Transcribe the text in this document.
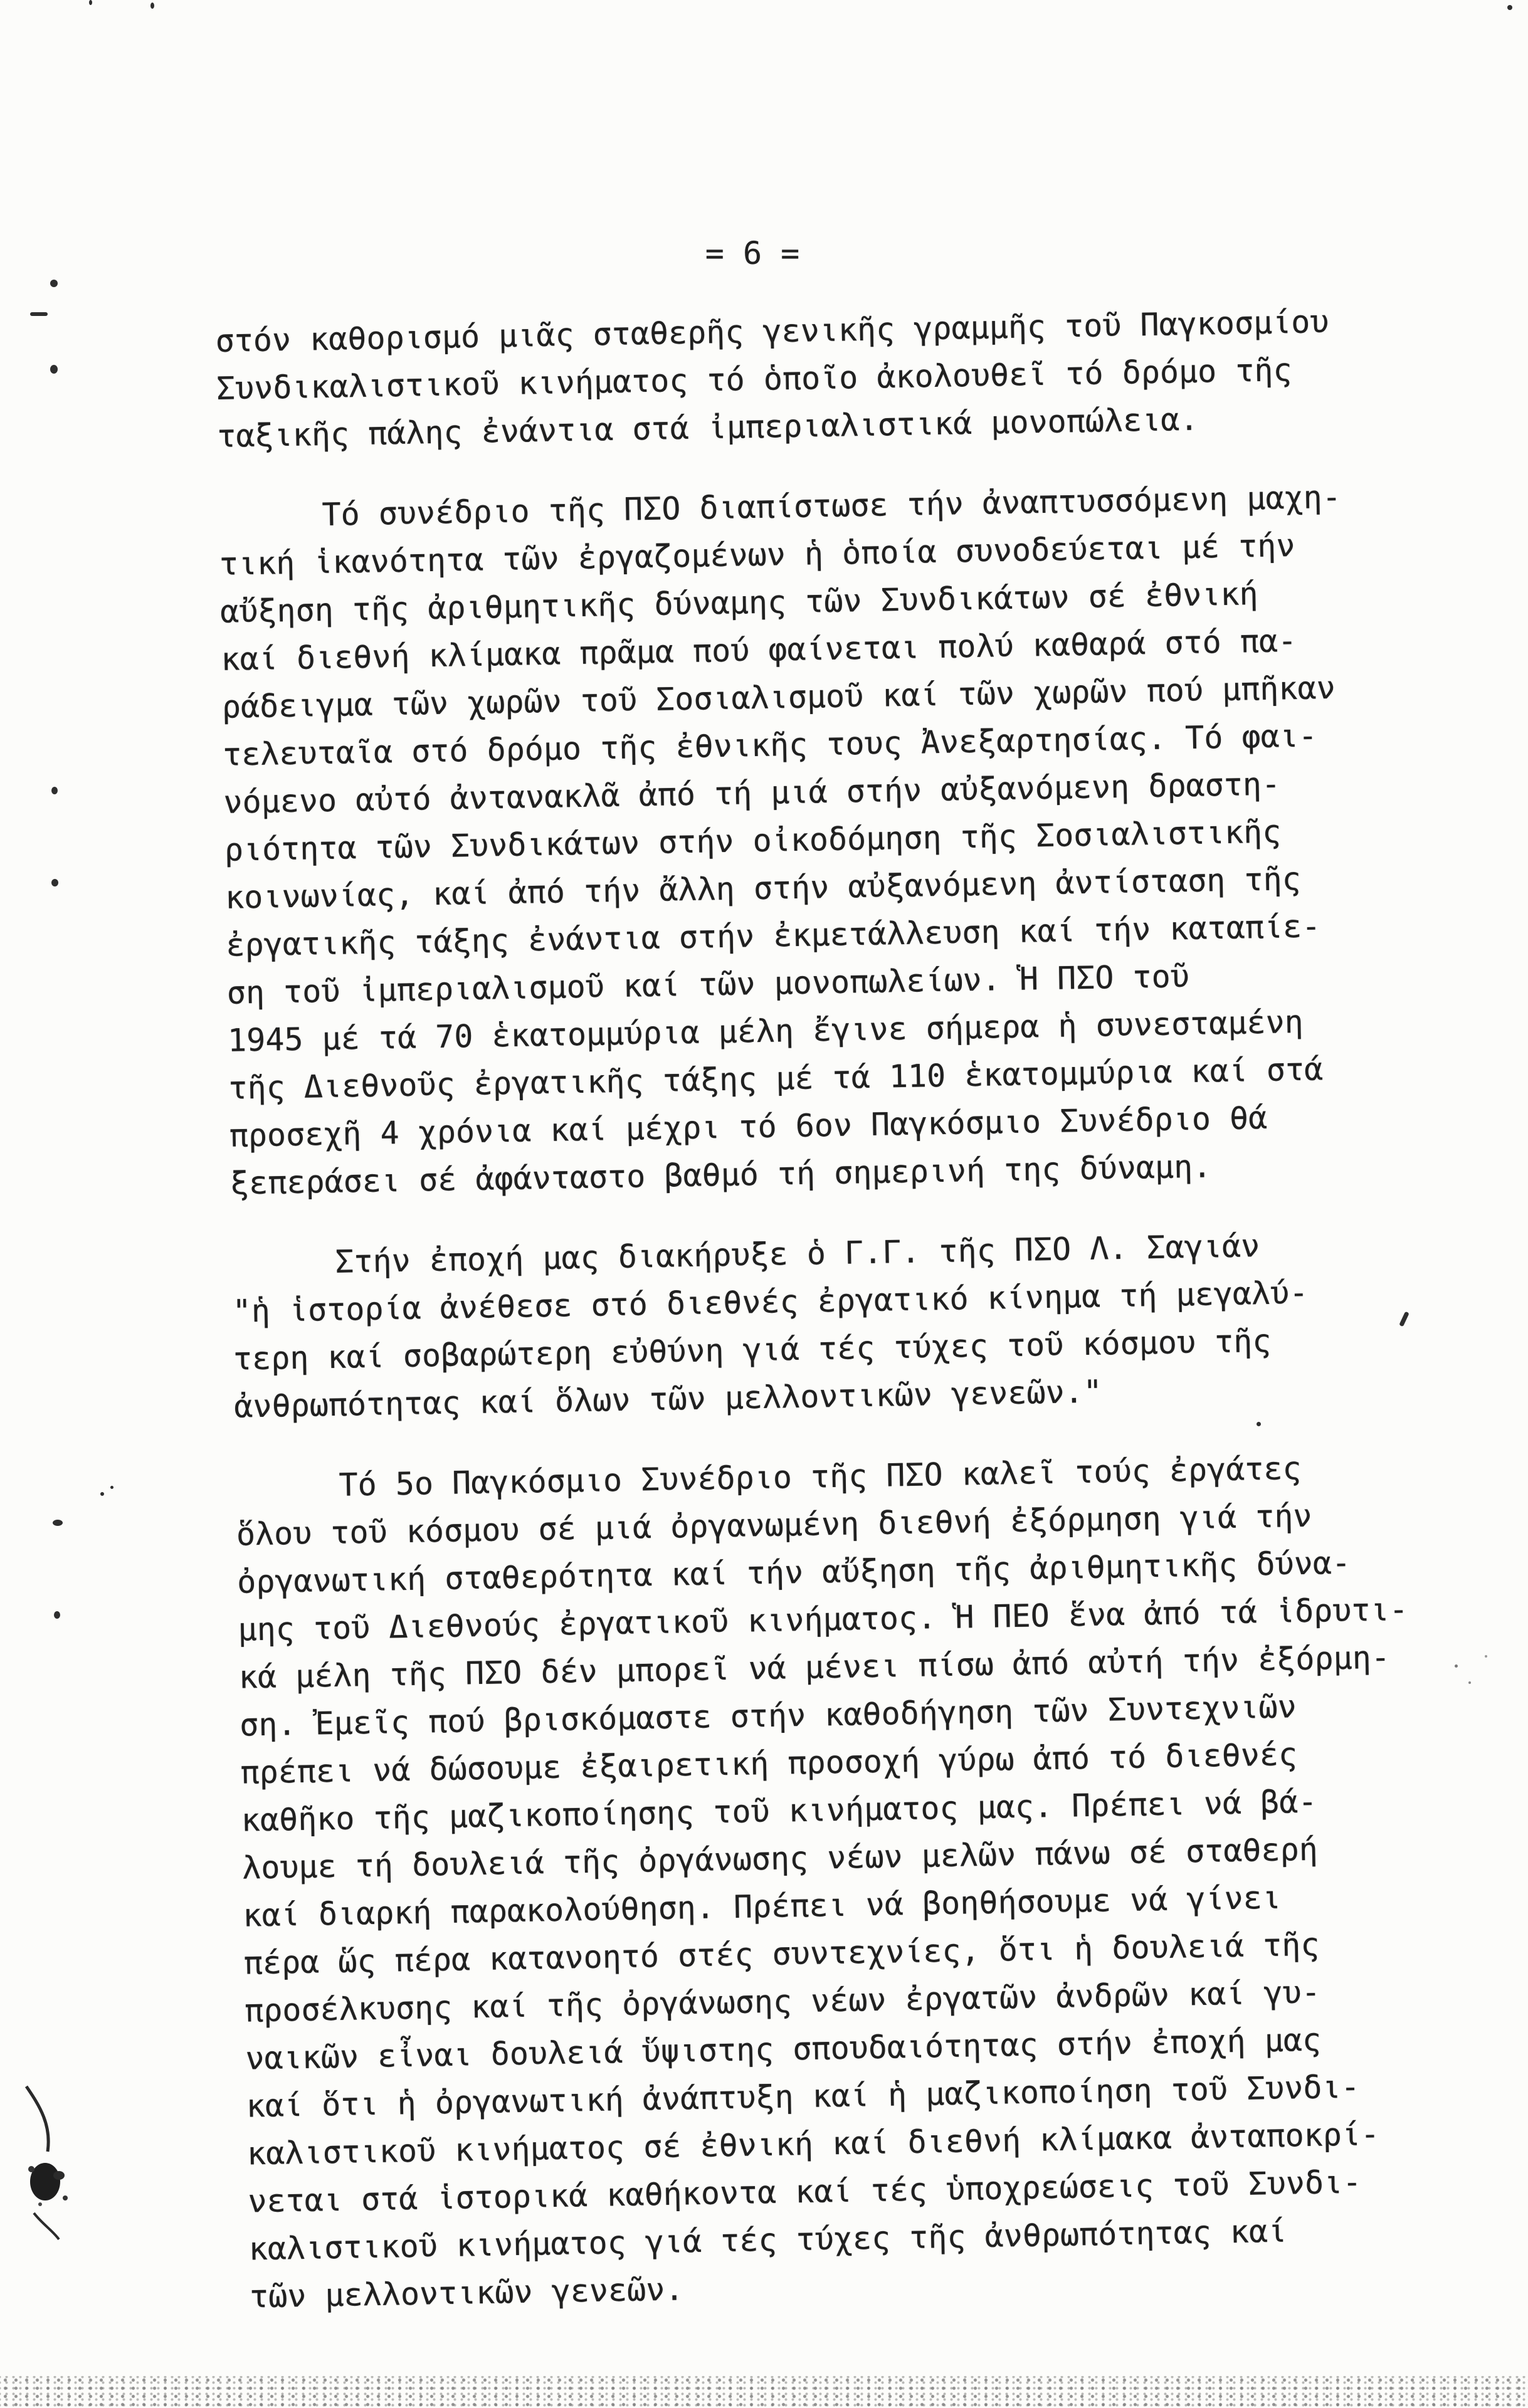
= 6 =
στόν καθορισμό μιᾶς σταθερῆς γενικῆς γραμμῆς τοῦ Παγκοσμίου
Συνδικαλιστικοῦ κινήματος τό ὁποῖο ἀκολουθεῖ τό δρόμο τῆς
ταξικῆς πάλης ἐνάντια στά ἰμπεριαλιστικά μονοπώλεια.
Τό συνέδριο τῆς ΠΣΟ διαπίστωσε τήν ἀναπτυσσόμενη μαχη-
τική ἱκανότητα τῶν ἐργαζομένων ἡ ὁποία συνοδεύεται μέ τήν
αὔξηση τῆς ἀριθμητικῆς δύναμης τῶν Συνδικάτων σέ ἐθνική
καί διεθνή κλίμακα πρᾶμα πού φαίνεται πολύ καθαρά στό πα-
ράδειγμα τῶν χωρῶν τοῦ Σοσιαλισμοῦ καί τῶν χωρῶν πού μπῆκαν
τελευταῖα στό δρόμο τῆς ἐθνικῆς τους Ἀνεξαρτησίας. Τό φαι-
νόμενο αὐτό ἀντανακλᾶ ἀπό τή μιά στήν αὐξανόμενη δραστη-
ριότητα τῶν Συνδικάτων στήν οἰκοδόμηση τῆς Σοσιαλιστικῆς
κοινωνίας, καί ἀπό τήν ἄλλη στήν αὐξανόμενη ἀντίσταση τῆς
ἐργατικῆς τάξης ἐνάντια στήν ἐκμετάλλευση καί τήν καταπίε-
ση τοῦ ἰμπεριαλισμοῦ καί τῶν μονοπωλείων. Ἡ ΠΣΟ τοῦ
1945 μέ τά 70 ἑκατομμύρια μέλη ἔγινε σήμερα ἡ συνεσταμένη
τῆς Διεθνοῦς ἐργατικῆς τάξης μέ τά 110 ἑκατομμύρια καί στά
προσεχῆ 4 χρόνια καί μέχρι τό 6ον Παγκόσμιο Συνέδριο θά
ξεπεράσει σέ ἀφάνταστο βαθμό τή σημερινή της δύναμη.
Στήν ἐποχή μας διακήρυξε ὁ Γ.Γ. τῆς ΠΣΟ Λ. Σαγιάν
"ἡ ἱστορία ἀνέθεσε στό διεθνές ἐργατικό κίνημα τή μεγαλύ-
τερη καί σοβαρώτερη εὐθύνη γιά τές τύχες τοῦ κόσμου τῆς
ἀνθρωπότητας καί ὅλων τῶν μελλοντικῶν γενεῶν."
Τό 5ο Παγκόσμιο Συνέδριο τῆς ΠΣΟ καλεῖ τούς ἐργάτες
ὅλου τοῦ κόσμου σέ μιά ὀργανωμένη διεθνή ἐξόρμηση γιά τήν
ὀργανωτική σταθερότητα καί τήν αὔξηση τῆς ἀριθμητικῆς δύνα-
μης τοῦ Διεθνούς ἐργατικοῦ κινήματος. Ἡ ΠΕΟ ἕνα ἀπό τά ἱδρυτι-
κά μέλη τῆς ΠΣΟ δέν μπορεῖ νά μένει πίσω ἀπό αὐτή τήν ἐξόρμη-
ση. Ἐμεῖς πού βρισκόμαστε στήν καθοδήγηση τῶν Συντεχνιῶν
πρέπει νά δώσουμε ἐξαιρετική προσοχή γύρω ἀπό τό διεθνές
καθῆκο τῆς μαζικοποίησης τοῦ κινήματος μας. Πρέπει νά βά-
λουμε τή δουλειά τῆς ὀργάνωσης νέων μελῶν πάνω σέ σταθερή
καί διαρκή παρακολούθηση. Πρέπει νά βοηθήσουμε νά γίνει
πέρα ὥς πέρα κατανοητό στές συντεχνίες, ὅτι ἡ δουλειά τῆς
προσέλκυσης καί τῆς ὀργάνωσης νέων ἐργατῶν ἀνδρῶν καί γυ-
ναικῶν εἶναι δουλειά ὕψιστης σπουδαιότητας στήν ἐποχή μας
καί ὅτι ἡ ὀργανωτική ἀνάπτυξη καί ἡ μαζικοποίηση τοῦ Συνδι-
καλιστικοῦ κινήματος σέ ἐθνική καί διεθνή κλίμακα ἀνταποκρί-
νεται στά ἱστορικά καθήκοντα καί τές ὑποχρεώσεις τοῦ Συνδι-
καλιστικοῦ κινήματος γιά τές τύχες τῆς ἀνθρωπότητας καί
τῶν μελλοντικῶν γενεῶν.
